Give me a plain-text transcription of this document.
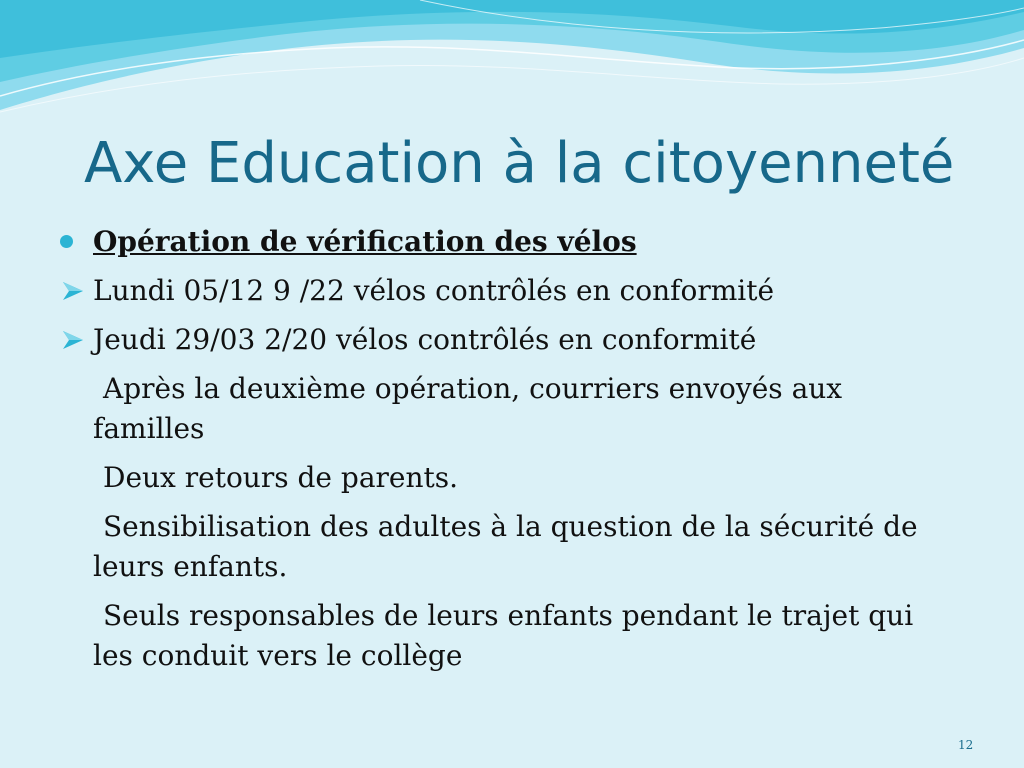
Axe Education à la citoyenneté
Opération de vérification des vélos
Lundi 05/12 9 /22 vélos contrôlés en conformité
Jeudi 29/03 2/20 vélos contrôlés en conformité
Après la deuxième opération, courriers envoyés aux familles
Deux retours de parents.
Sensibilisation des adultes à la question de la sécurité de leurs enfants.
Seuls responsables de leurs enfants pendant le trajet qui les conduit vers le collège
12
